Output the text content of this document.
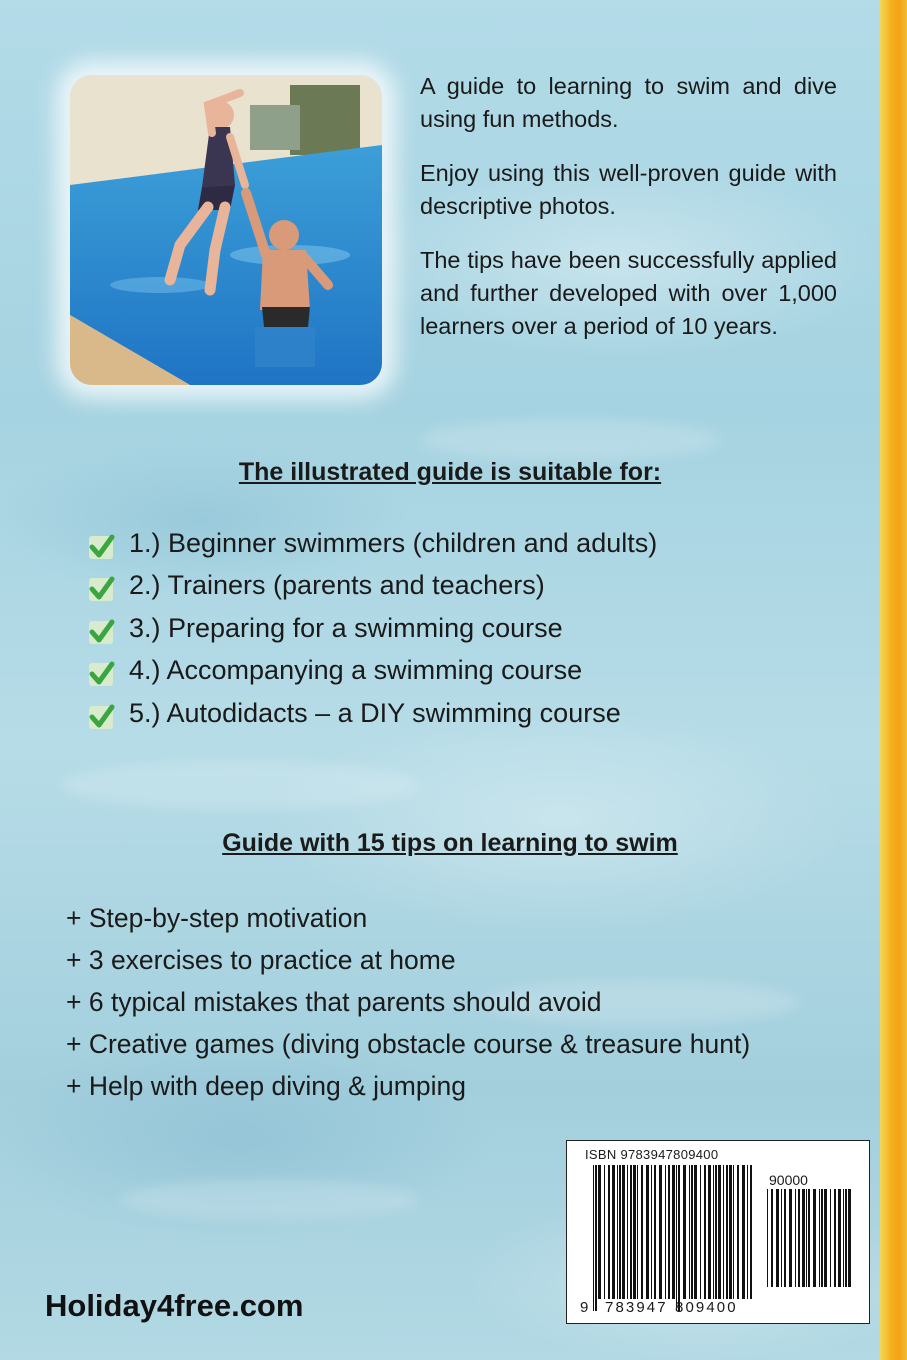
A guide to learning to swim and dive using fun methods.

Enjoy using this well-proven guide with descriptive photos.

The tips have been successfully applied and further developed with over 1,000 learners over a period of 10 years.

The illustrated guide is suitable for:
1.) Beginner swimmers (children and adults)
2.) Trainers (parents and teachers)
3.) Preparing for a swimming course
4.) Accompanying a swimming course
5.) Autodidacts – a DIY swimming course
Guide with 15 tips on learning to swim
+ Step-by-step motivation
+ 3 exercises to practice at home
+ 6 typical mistakes that parents should avoid
+ Creative games (diving obstacle course & treasure hunt)
+ Help with deep diving & jumping
Holiday4free.com
ISBN 9783947809400
90000
9 783947 809400
